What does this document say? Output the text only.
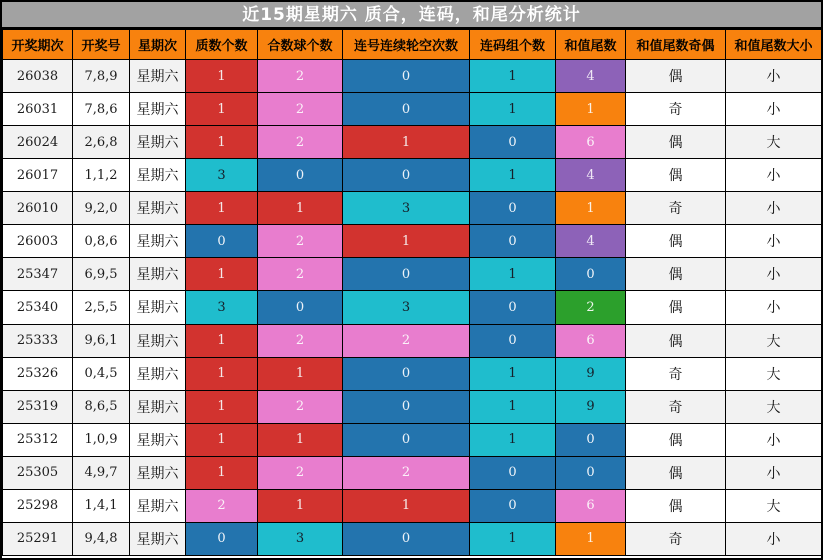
近15期星期六 质合，连码，和尾分析统计
开奖期次	开奖号	星期次	质数个数	合数球个数	连号连续轮空次数	连码组个数	和值尾数	和值尾数奇偶	和值尾数大小
26038	7,8,9	星期六	1	2	0	1	4	偶	小
26031	7,8,6	星期六	1	2	0	1	1	奇	小
26024	2,6,8	星期六	1	2	1	0	6	偶	大
26017	1,1,2	星期六	3	0	0	1	4	偶	小
26010	9,2,0	星期六	1	1	3	0	1	奇	小
26003	0,8,6	星期六	0	2	1	0	4	偶	小
25347	6,9,5	星期六	1	2	0	1	0	偶	小
25340	2,5,5	星期六	3	0	3	0	2	偶	小
25333	9,6,1	星期六	1	2	2	0	6	偶	大
25326	0,4,5	星期六	1	1	0	1	9	奇	大
25319	8,6,5	星期六	1	2	0	1	9	奇	大
25312	1,0,9	星期六	1	1	0	1	0	偶	小
25305	4,9,7	星期六	1	2	2	0	0	偶	小
25298	1,4,1	星期六	2	1	1	0	6	偶	大
25291	9,4,8	星期六	0	3	0	1	1	奇	小
